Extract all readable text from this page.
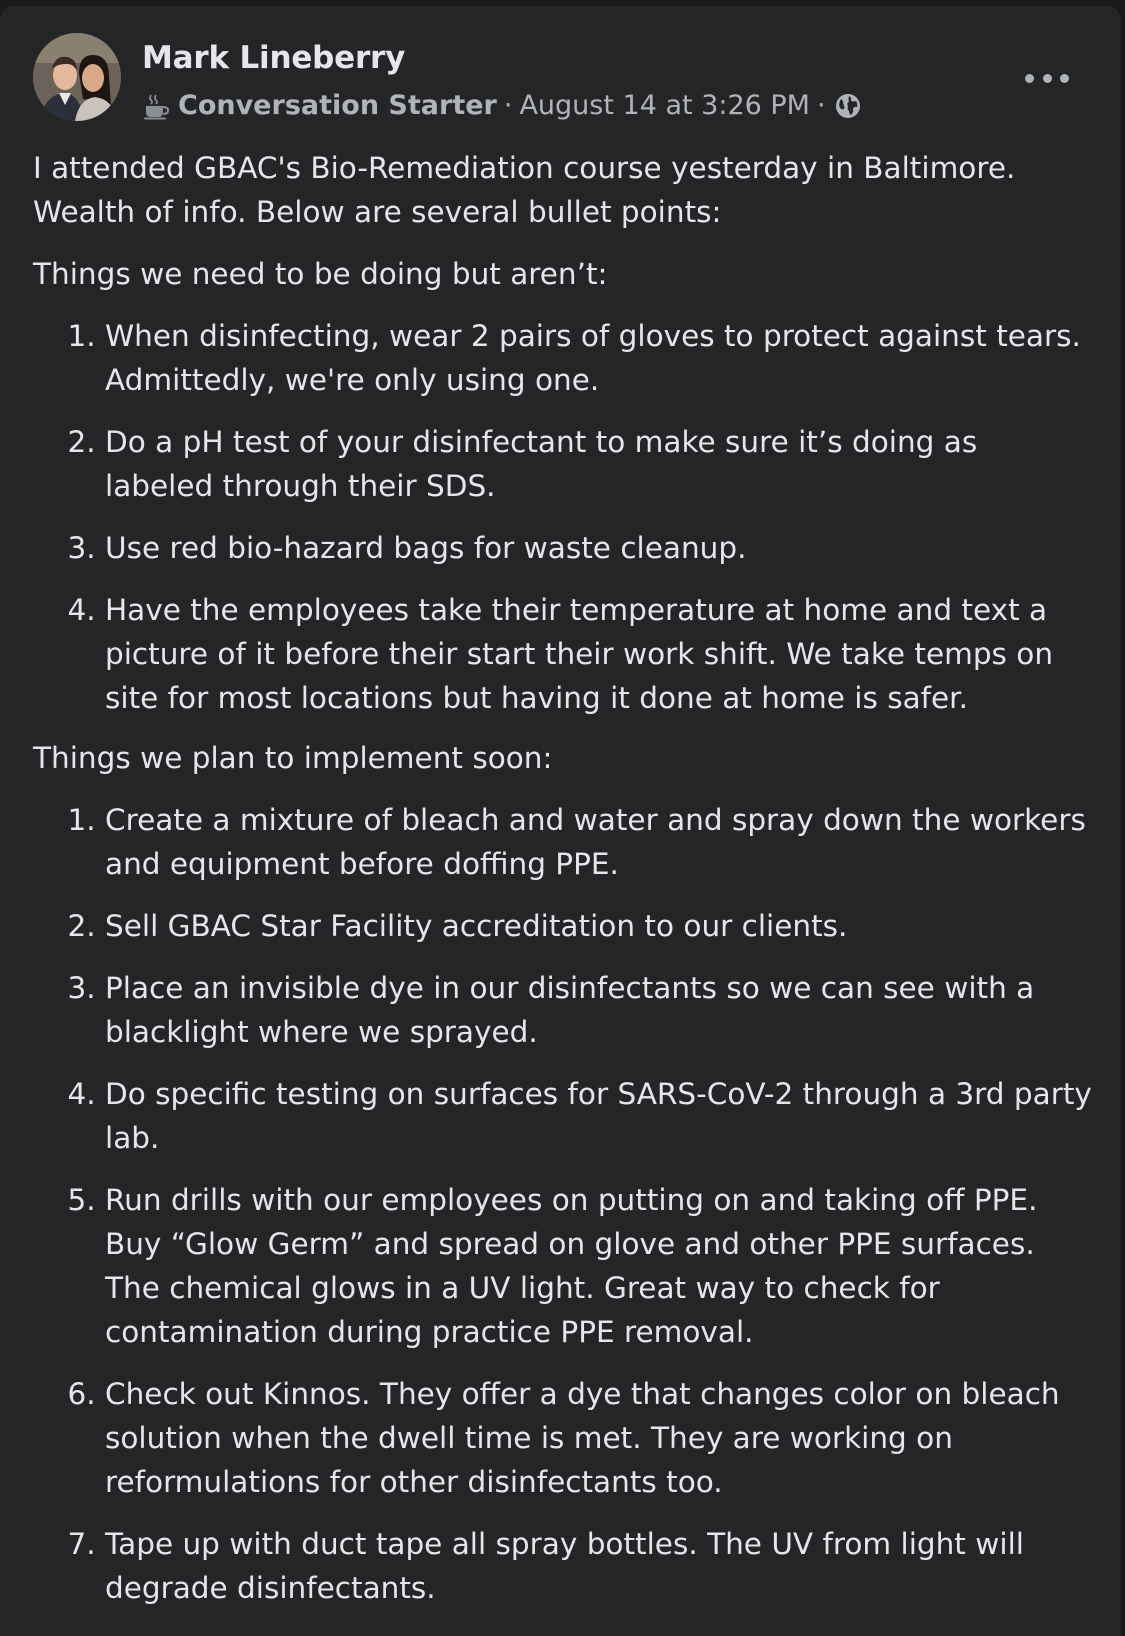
Mark Lineberry
Conversation Starter · August 14 at 3:26 PM ·

I attended GBAC's Bio-Remediation course yesterday in Baltimore. Wealth of info. Below are several bullet points:

Things we need to be doing but aren’t:

1. When disinfecting, wear 2 pairs of gloves to protect against tears. Admittedly, we're only using one.
2. Do a pH test of your disinfectant to make sure it’s doing as labeled through their SDS.
3. Use red bio-hazard bags for waste cleanup.
4. Have the employees take their temperature at home and text a picture of it before their start their work shift. We take temps on site for most locations but having it done at home is safer.

Things we plan to implement soon:

1. Create a mixture of bleach and water and spray down the workers and equipment before doffing PPE.
2. Sell GBAC Star Facility accreditation to our clients.
3. Place an invisible dye in our disinfectants so we can see with a blacklight where we sprayed.
4. Do specific testing on surfaces for SARS-CoV-2 through a 3rd party lab.
5. Run drills with our employees on putting on and taking off PPE. Buy “Glow Germ” and spread on glove and other PPE surfaces. The chemical glows in a UV light. Great way to check for contamination during practice PPE removal.
6. Check out Kinnos. They offer a dye that changes color on bleach solution when the dwell time is met. They are working on reformulations for other disinfectants too.
7. Tape up with duct tape all spray bottles. The UV from light will degrade disinfectants.
